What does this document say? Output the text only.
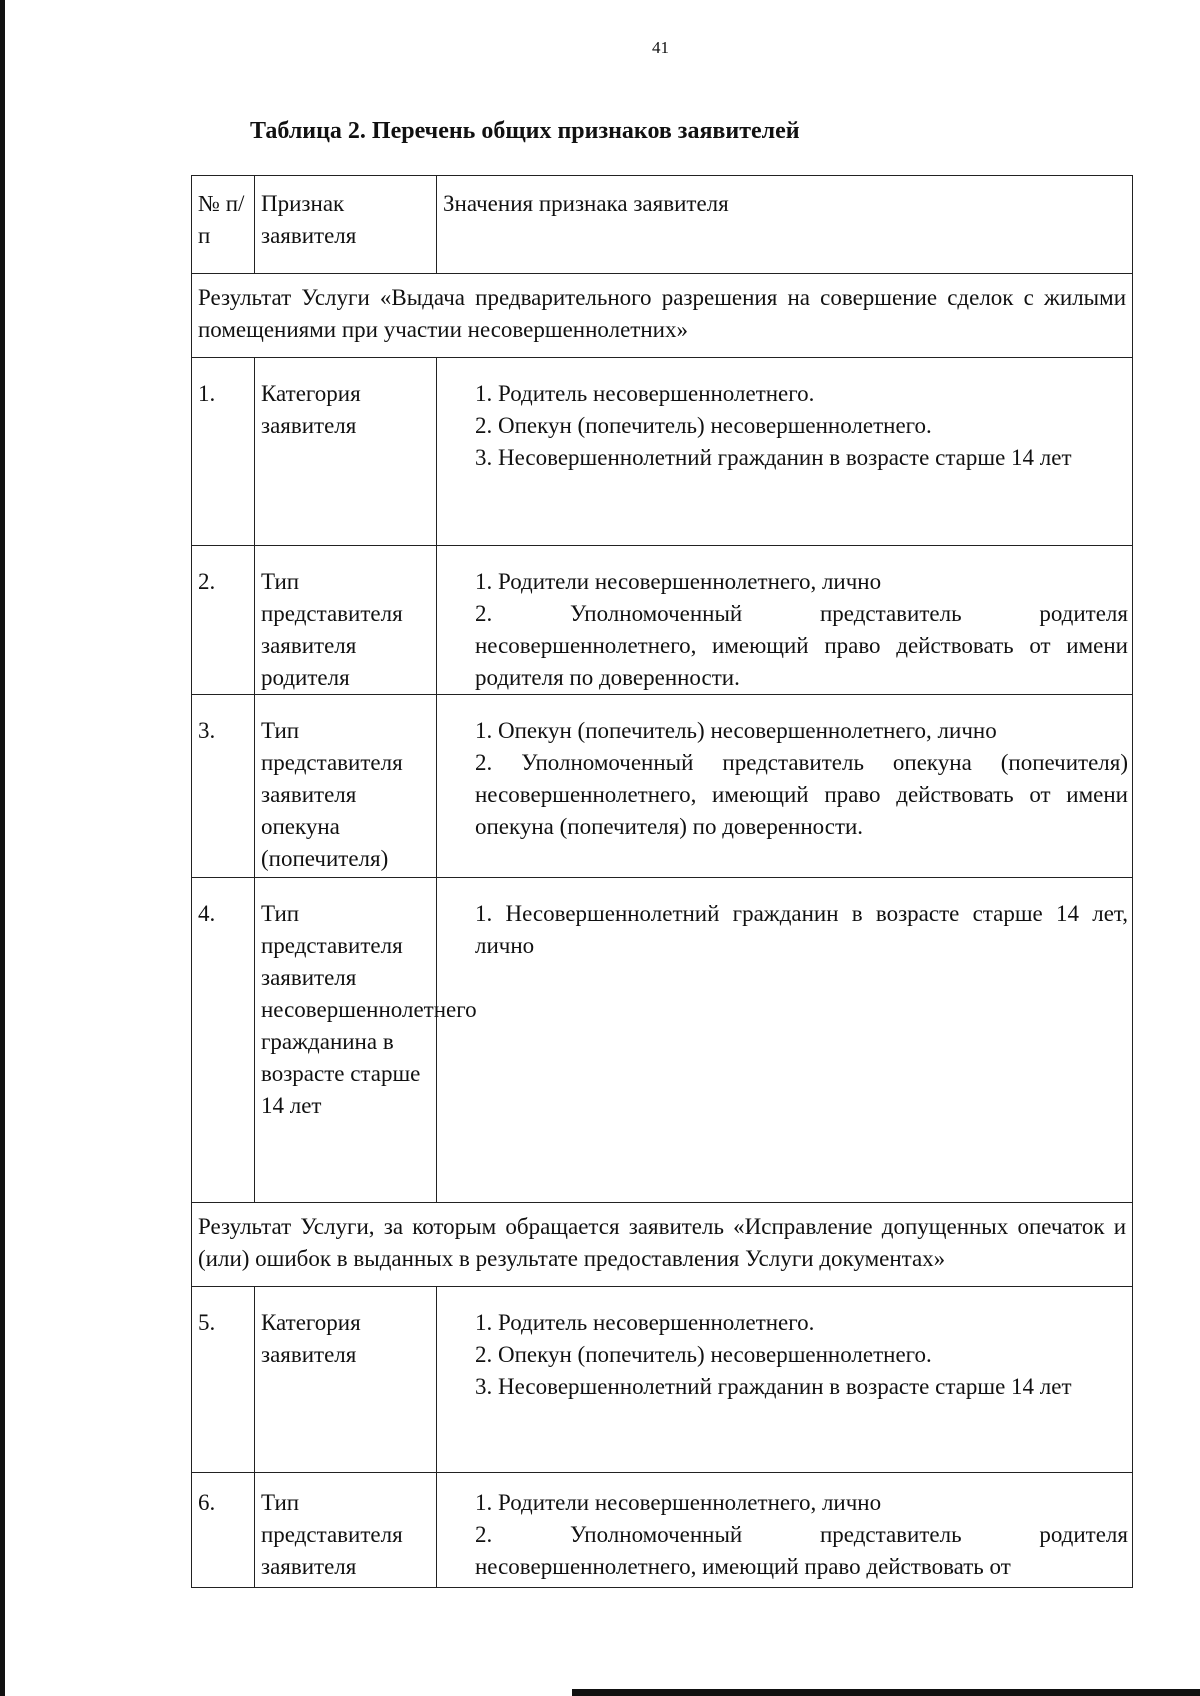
41
Таблица 2. Перечень общих признаков заявителей
№ п/п	Признак заявителя	Значения признака заявителя
Результат Услуги «Выдача предварительного разрешения на совершение сделок с жилыми помещениями при участии несовершеннолетних»		
1.	Категория заявителя	1. Родитель несовершеннолетнего.
2. Опекун (попечитель) несовершеннолетнего.
3. Несовершеннолетний гражданин в возрасте старше 14 лет

2.	Тип представителя заявителя родителя	1. Родители несовершеннолетнего, лично
2. Уполномоченный представитель родителя несовершеннолетнего, имеющий право действовать от имени родителя по доверенности.

3.	Тип представителя заявителя опекуна (попечителя)	1. Опекун (попечитель) несовершеннолетнего, лично
2. Уполномоченный представитель опекуна (попечителя) несовершеннолетнего, имеющий право действовать от имени опекуна (попечителя) по доверенности.

4.	Тип представителя заявителя несовершеннолетнего гражданина в возрасте старше 14 лет	1. Несовершеннолетний гражданин в возрасте старше 14 лет, лично

Результат Услуги, за которым обращается заявитель «Исправление допущенных опечаток и (или) ошибок в выданных в результате предоставления Услуги документах»		
5.	Категория заявителя	1. Родитель несовершеннолетнего.
2. Опекун (попечитель) несовершеннолетнего.
3. Несовершеннолетний гражданин в возрасте старше 14 лет

6.	Тип представителя заявителя	1. Родители несовершеннолетнего, лично
2. Уполномоченный представитель родителя несовершеннолетнего, имеющий право действовать от
